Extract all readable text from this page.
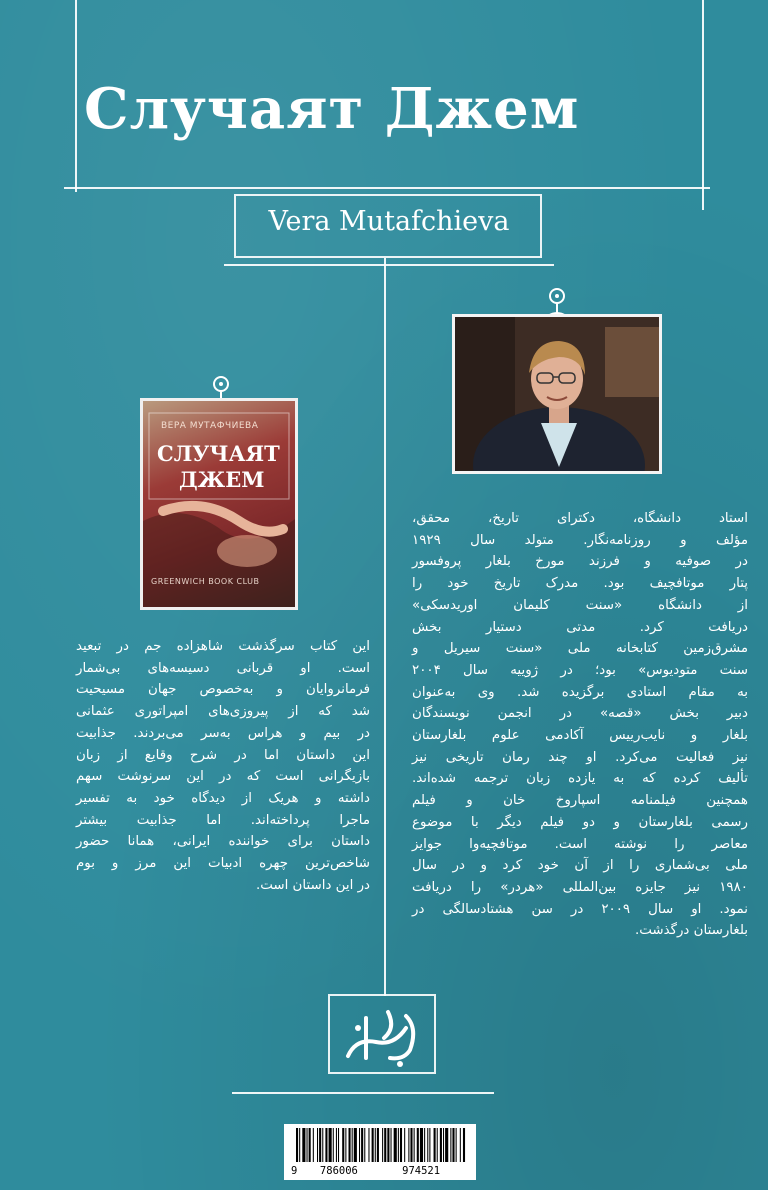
Случаят Джем
Vera Mutafchieva
ВЕРА МУТАФЧИЕВА
СЛУЧАЯТ
ДЖЕМ
GREENWICH BOOK CLUB
استاد دانشگاه، دکترای تاریخ، محقق،
مؤلف و روزنامه‌نگار. متولد سال ۱۹۲۹
در صوفیه و فرزند مورخ بلغار پروفسور
پتار موتافچیف بود. مدرک تاریخ خود را
از دانشگاه «سنت کلیمان اوریدسکی»
دریافت کرد. مدتی دستیار بخش
مشرق‌زمین کتابخانه ملی «سنت سیریل و
سنت متودیوس» بود؛ در ژوییه سال ۲۰۰۴
به مقام استادی برگزیده شد. وی به‌عنوان
دبیر بخش «قصه» در انجمن نویسندگان
بلغار و نایب‌رییس آکادمی علوم بلغارستان
نیز فعالیت می‌کرد. او چند رمان تاریخی نیز
تألیف کرده که به یازده زبان ترجمه شده‌اند.
همچنین فیلمنامه اسپاروخ خان و فیلم
رسمی بلغارستان و دو فیلم دیگر با موضوع
معاصر را نوشته است. موتافچیه‌وا جوایز
ملی بی‌شماری را از آن خود کرد و در سال
۱۹۸۰ نیز جایزه بین‌المللی «هردر» را دریافت
نمود. او سال ۲۰۰۹ در سن هشتادسالگی در
بلغارستان درگذشت.
این کتاب سرگذشت شاهزاده جم در تبعید
است. او قربانی دسیسه‌های بی‌شمار
فرمانروایان و به‌خصوص جهان مسیحیت
شد که از پیروزی‌های امپراتوری عثمانی
در بیم و هراس به‌سر می‌بردند. جذابیت
این داستان اما در شرح وقایع از زبان
بازیگرانی است که در این سرنوشت سهم
داشته و هریک از دیدگاه خود به تفسیر
ماجرا پرداخته‌اند. اما جذابیت بیشتر
داستان برای خواننده ایرانی، همانا حضور
شاخص‌ترین چهره ادبیات این مرز و بوم
در این داستان است.
9	786006	974521
